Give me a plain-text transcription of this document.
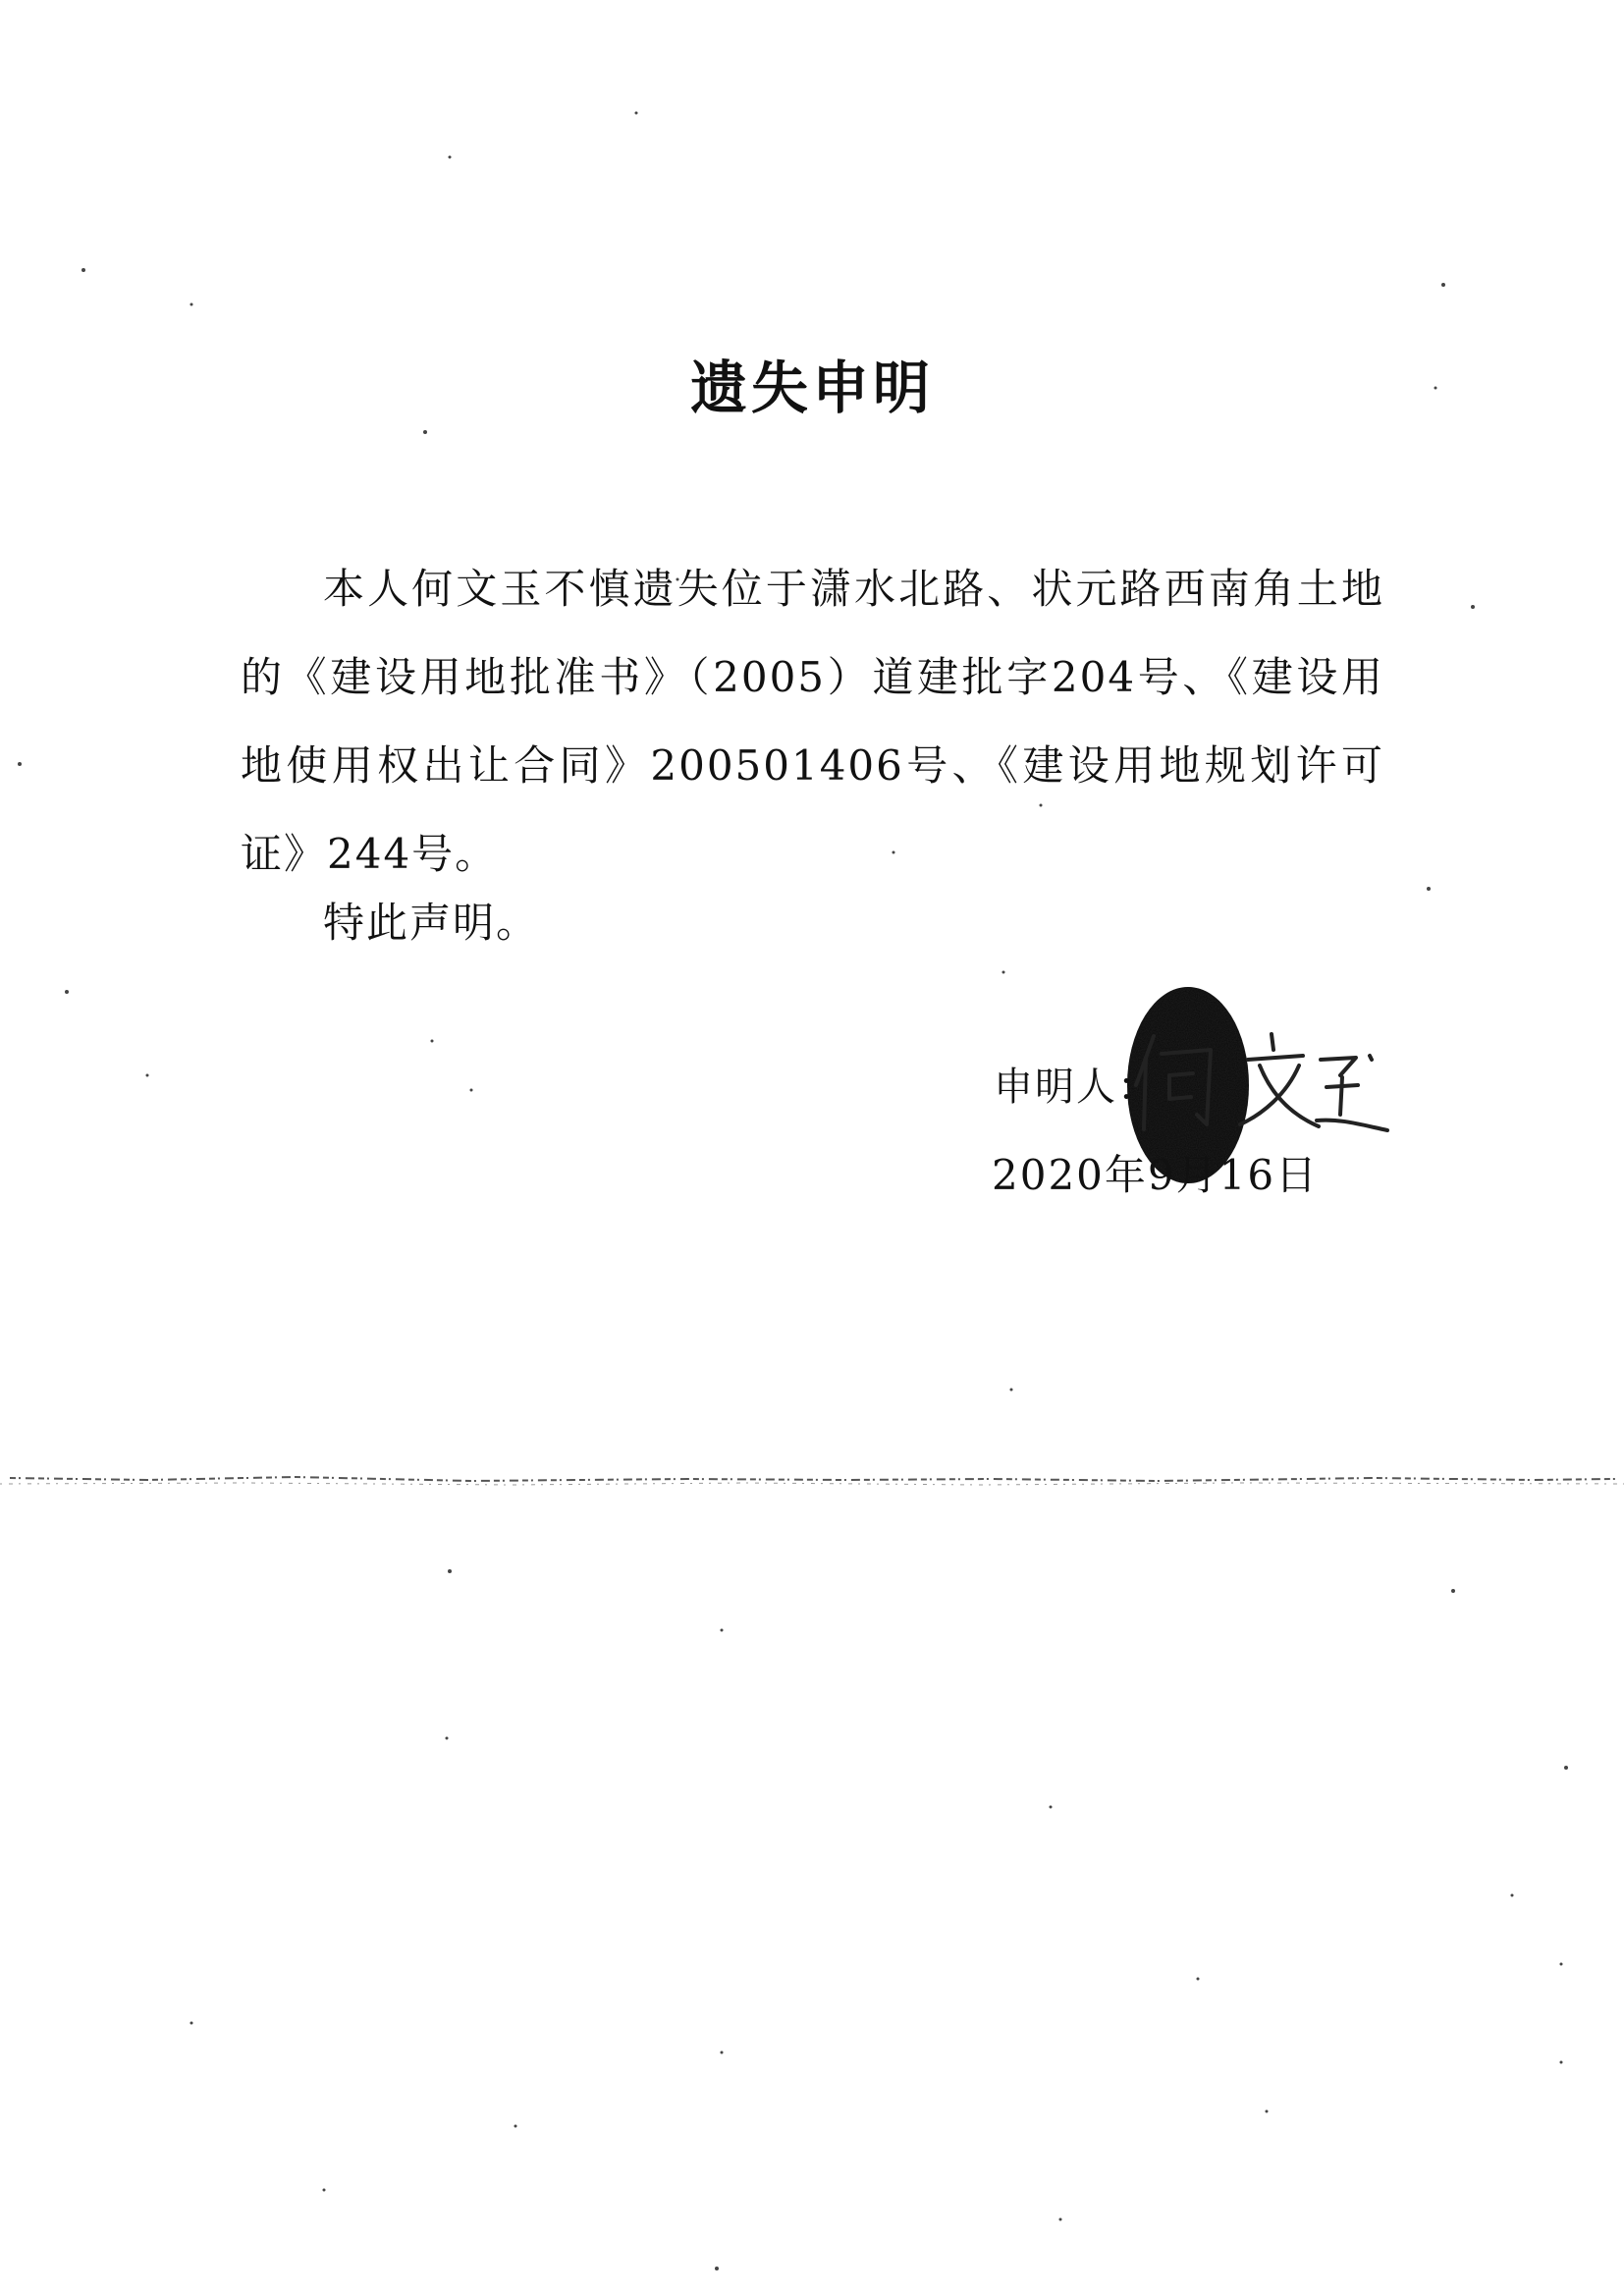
遗失申明
本人何文玉不慎遗失位于潇水北路、状元路西南角土地的《建设用地批准书》（2005）道建批字204号、《建设用地使用权出让合同》200501406号、《建设用地规划许可证》244号。
特此声明。
申明人：
2020年9月16日
